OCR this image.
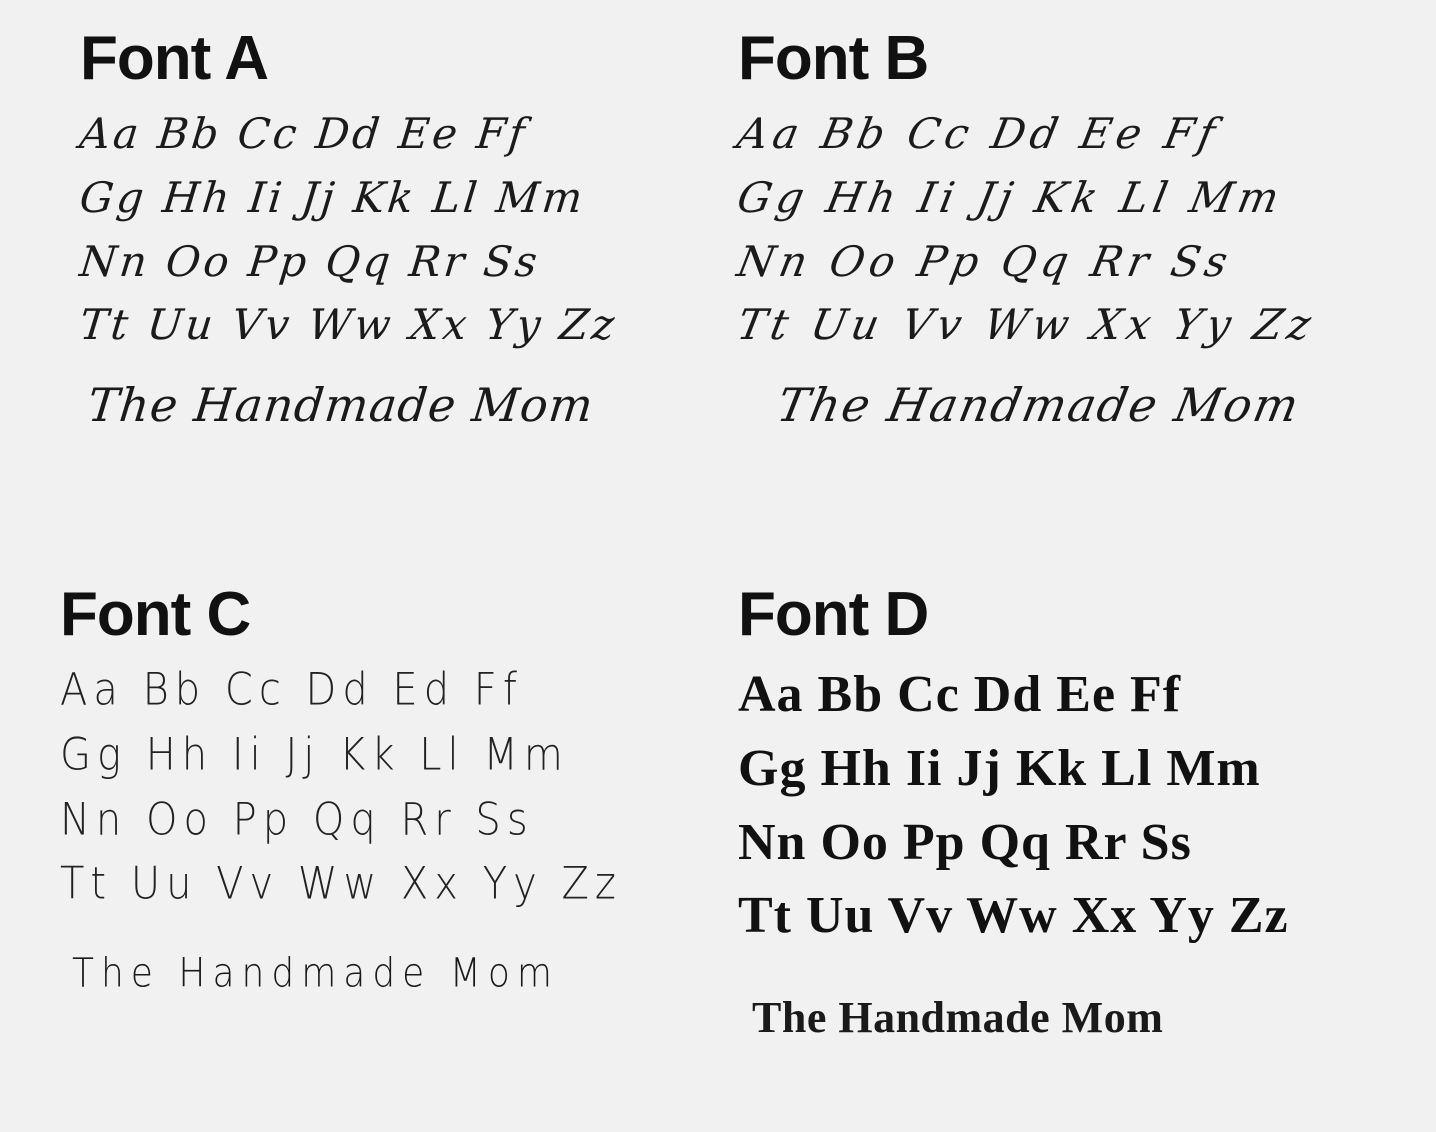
Font A
Aa Bb Cc Dd Ee Ff
Gg Hh Ii Jj Kk Ll Mm
Nn Oo Pp Qq Rr Ss
Tt Uu Vv Ww Xx Yy Zz
The Handmade Mom
Font B
Aa Bb Cc Dd Ee Ff
Gg Hh Ii Jj Kk Ll Mm
Nn Oo Pp Qq Rr Ss
Tt Uu Vv Ww Xx Yy Zz
The Handmade Mom
Font C
Aa Bb Cc Dd Ed Ff
Gg Hh Ii Jj Kk Ll Mm
Nn Oo Pp Qq Rr Ss
Tt Uu Vv Ww Xx Yy Zz
The Handmade Mom
Font D
Aa Bb Cc Dd Ee Ff
Gg Hh Ii Jj Kk Ll Mm
Nn Oo Pp Qq Rr Ss
Tt Uu Vv Ww Xx Yy Zz
The Handmade Mom
